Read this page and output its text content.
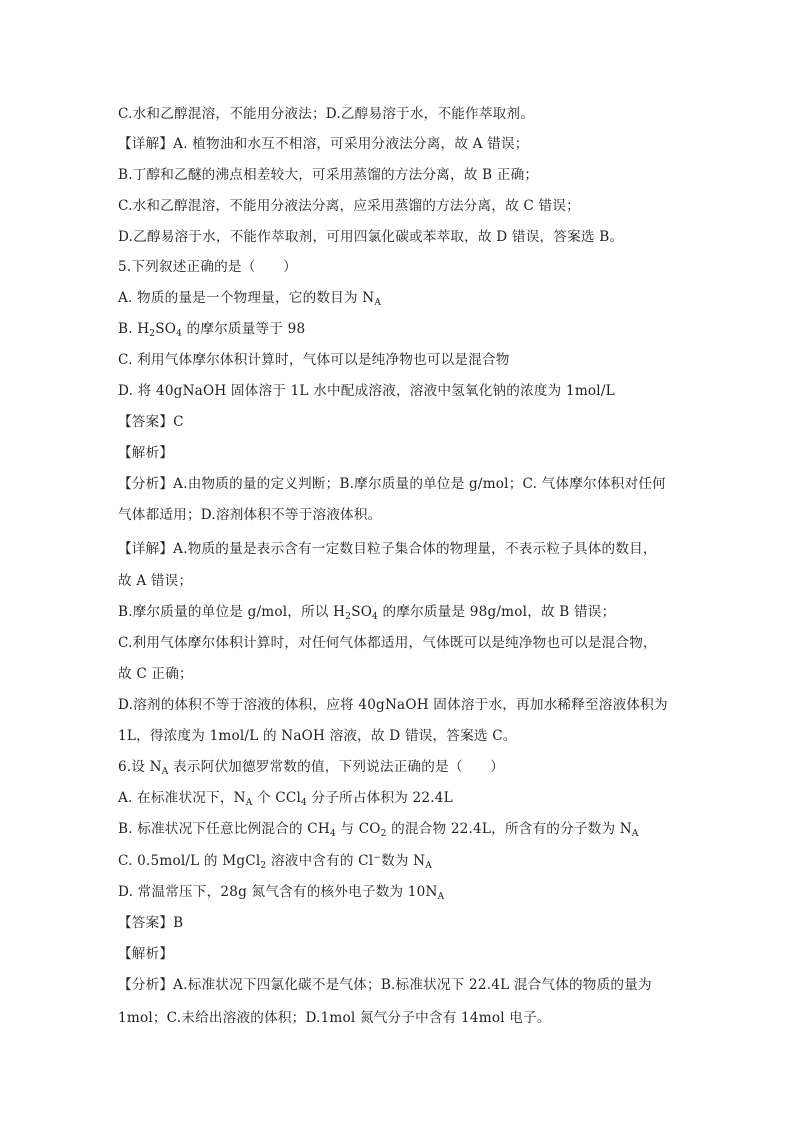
C.水和乙醇混溶，不能用分液法；D.乙醇易溶于水，不能作萃取剂。
【详解】A. 植物油和水互不相溶，可采用分液法分离，故 A 错误；
B.丁醇和乙醚的沸点相差较大，可采用蒸馏的方法分离，故 B 正确；
C.水和乙醇混溶，不能用分液法分离，应采用蒸馏的方法分离，故 C 错误；
D.乙醇易溶于水，不能作萃取剂，可用四氯化碳或苯萃取，故 D 错误，答案选 B。
5.下列叙述正确的是（　　）
A. 物质的量是一个物理量，它的数目为 $N_A$
B. $H_2SO_4$ 的摩尔质量等于 98
C. 利用气体摩尔体积计算时，气体可以是纯净物也可以是混合物
D. 将 40gNaOH 固体溶于 1L 水中配成溶液，溶液中氢氧化钠的浓度为 1mol/L
【答案】C
【解析】
【分析】A.由物质的量的定义判断；B.摩尔质量的单位是 g/mol；C. 气体摩尔体积对任何
气体都适用；D.溶剂体积不等于溶液体积。
【详解】A.物质的量是表示含有一定数目粒子集合体的物理量，不表示粒子具体的数目，
故 A 错误；
B.摩尔质量的单位是 g/mol，所以 $H_2SO_4$ 的摩尔质量是 98g/mol，故 B 错误；
C.利用气体摩尔体积计算时，对任何气体都适用，气体既可以是纯净物也可以是混合物，
故 C 正确；
D.溶剂的体积不等于溶液的体积，应将 40gNaOH 固体溶于水，再加水稀释至溶液体积为
1L，得浓度为 1mol/L 的 NaOH 溶液，故 D 错误，答案选 C。
6.设 $N_A$ 表示阿伏加德罗常数的值，下列说法正确的是（　　）
A. 在标准状况下，$N_A$ 个 CCl$_4$ 分子所占体积为 22.4L
B. 标准状况下任意比例混合的 $CH_4$ 与 $CO_2$ 的混合物 22.4L，所含有的分子数为 $N_A$
C. 0.5mol/L 的 MgCl$_2$ 溶液中含有的 Cl−数为 $N_A$
D. 常温常压下，28g 氮气含有的核外电子数为 $10N_A$
【答案】B
【解析】
【分析】A.标准状况下四氯化碳不是气体；B.标准状况下 22.4L 混合气体的物质的量为
1mol；C.未给出溶液的体积；D.1mol 氮气分子中含有 14mol 电子。
